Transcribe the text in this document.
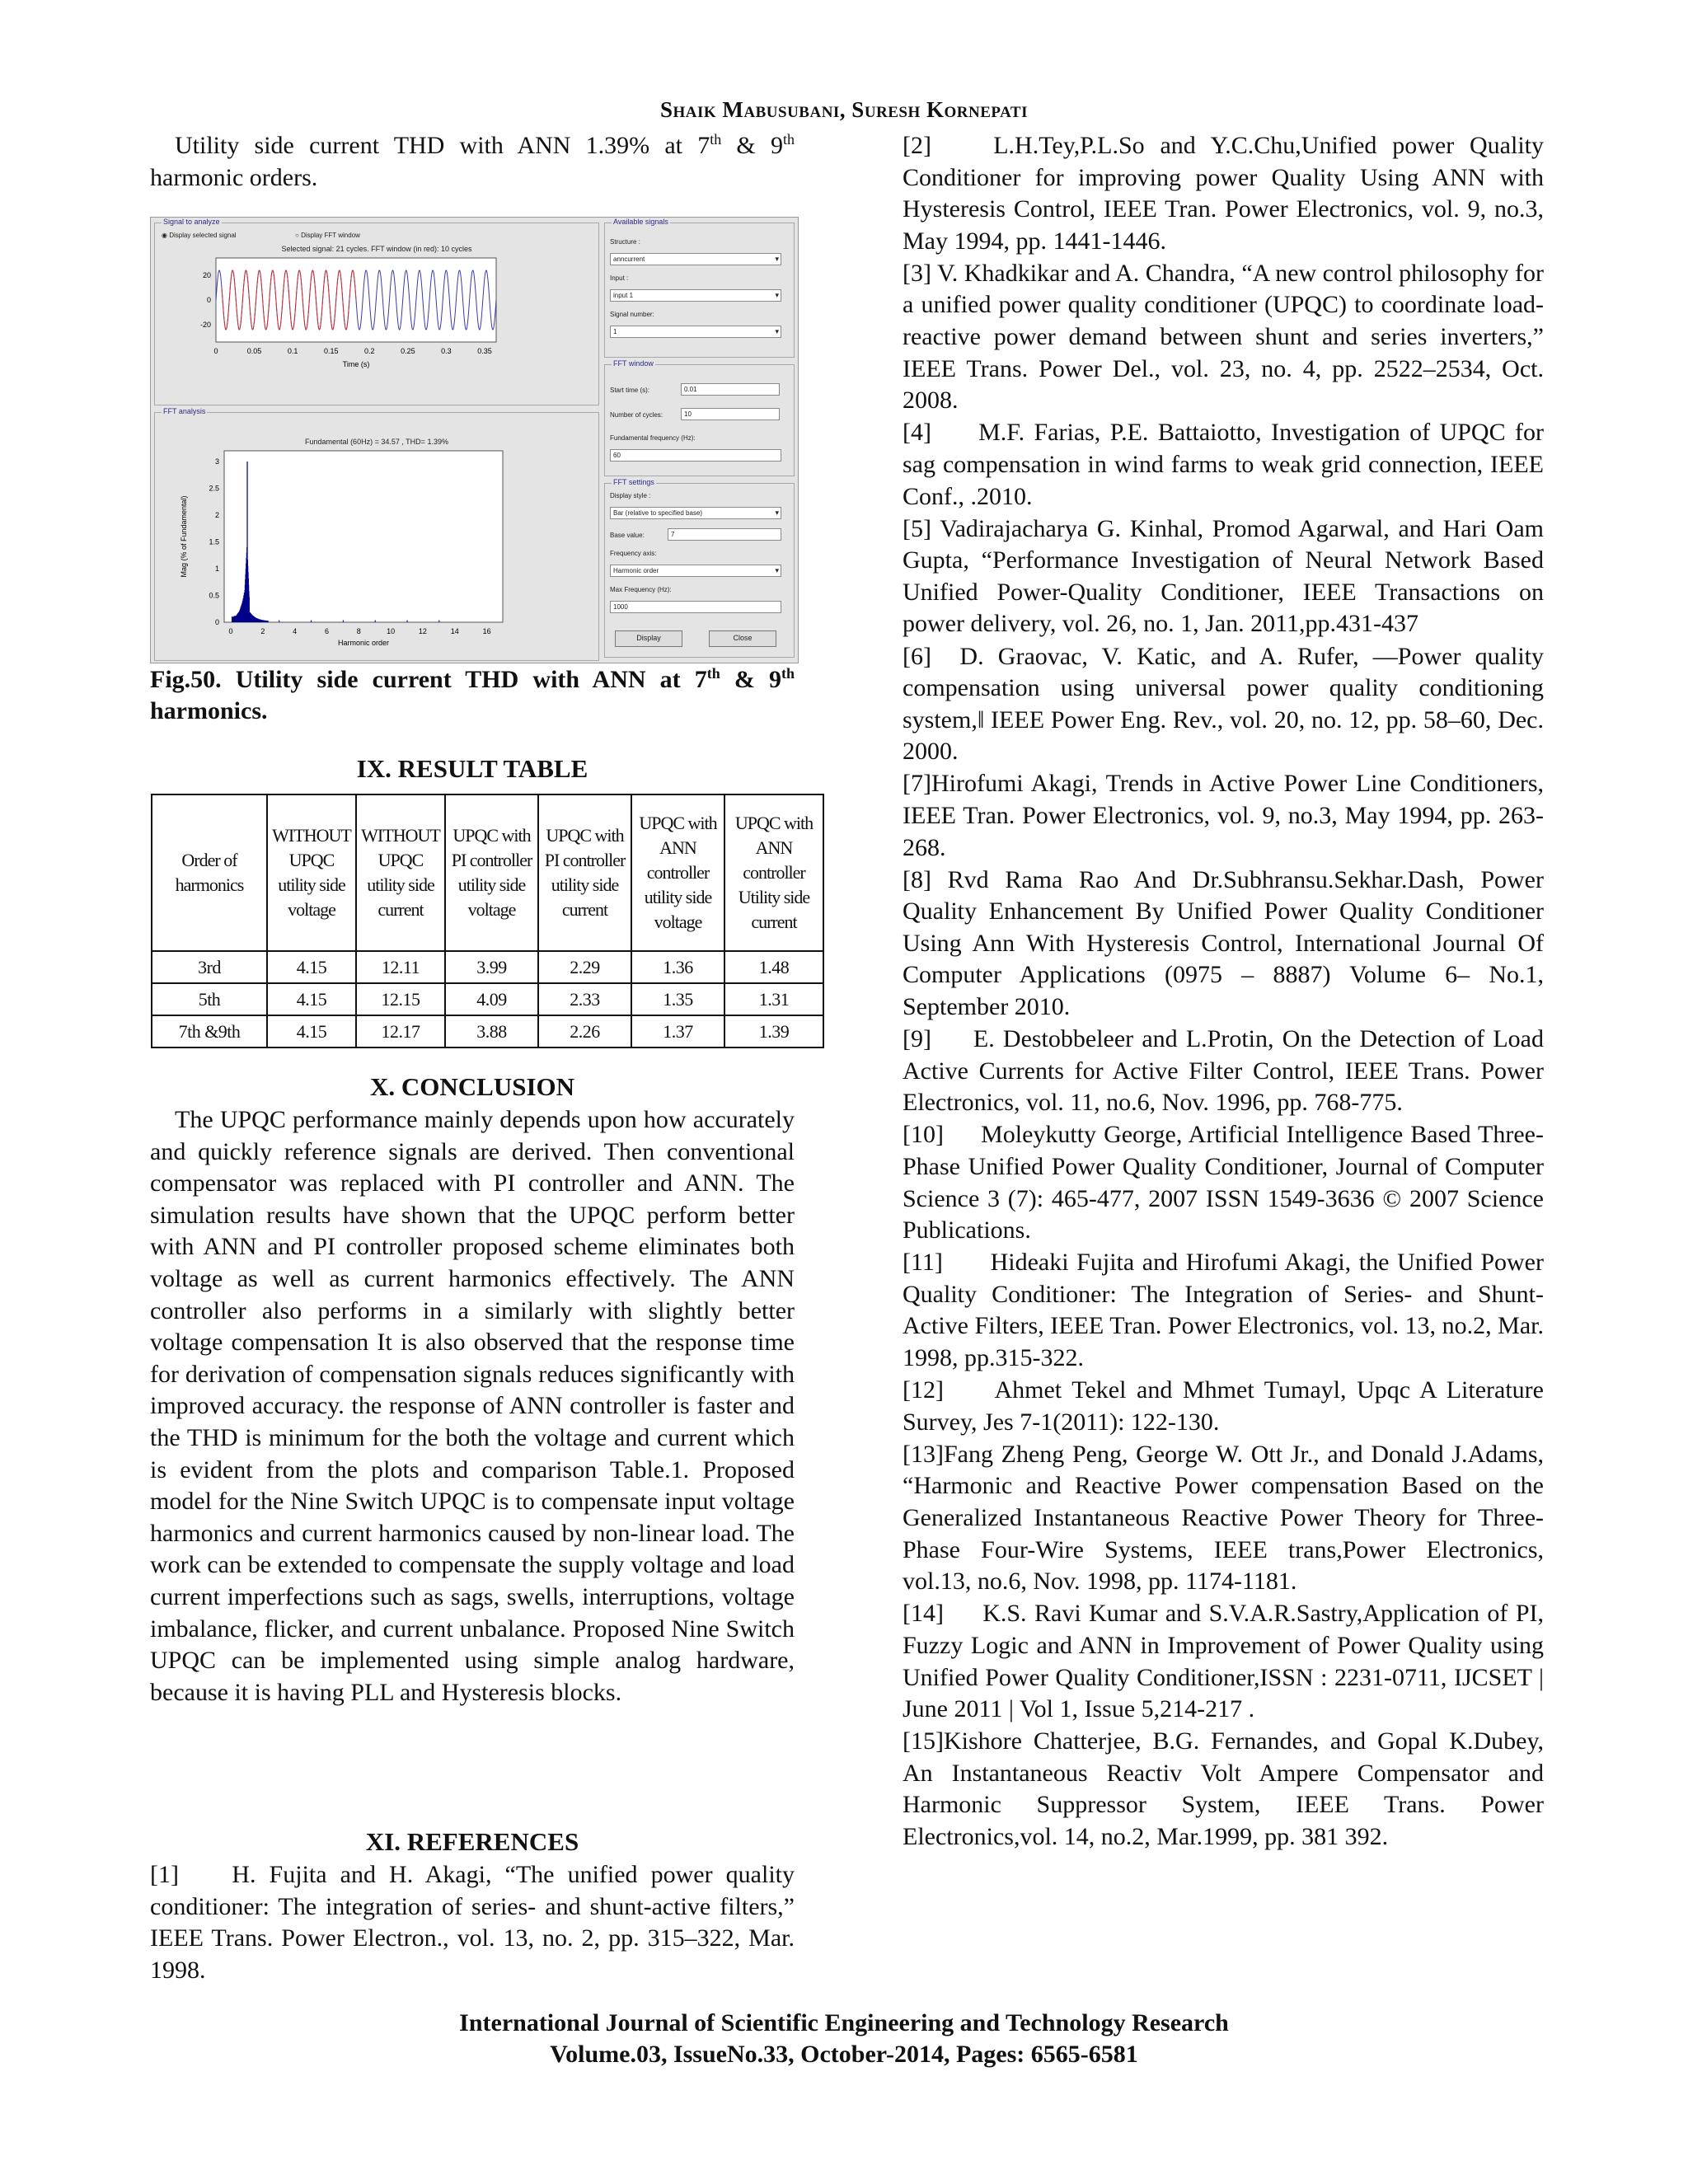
Shaik Mabusubani, Suresh Kornepati

Utility side current THD with ANN 1.39% at 7th & 9th harmonic orders.

Signal to analyze
◉ Display selected signal	○ Display FFT window
Selected signal: 21 cycles. FFT window (in red): 10 cycles
20
0
-20
0	0.05	0.1	0.15	0.2	0.25	0.3	0.35
Time (s)
FFT analysis
Fundamental (60Hz) = 34.57 , THD= 1.39%
3
2.5
2
1.5
1
0.5
0
0	2	4	6	8	10	12	14	16
Harmonic order
Mag (% of Fundamental)
Available signals
Structure :
anncurrent ▾
Input :
input 1 ▾
Signal number:
1 ▾
FFT window
Start time (s):	0.01
Number of cycles:	10
Fundamental frequency (Hz):
60
FFT settings
Display style :
Bar (relative to specified base) ▾
Base value:	7
Frequency axis:
Harmonic order ▾
Max Frequency (Hz):
1000
Display	Close
Fig.50. Utility side current THD with ANN at 7th & 9th harmonics.
IX. RESULT TABLE
Order of harmonics	WITHOUT UPQC utility side voltage	WITHOUT UPQC utility side current	UPQC with PI controller utility side voltage	UPQC with PI controller utility side current	UPQC with ANN controller utility side voltage	UPQC with ANN controller Utility side current
3rd	4.15	12.11	3.99	2.29	1.36	1.48
5th	4.15	12.15	4.09	2.33	1.35	1.31
7th &9th	4.15	12.17	3.88	2.26	1.37	1.39
X. CONCLUSION

The UPQC performance mainly depends upon how accurately and quickly reference signals are derived. Then conventional compensator was replaced with PI controller and ANN. The simulation results have shown that the UPQC perform better with ANN and PI controller proposed scheme eliminates both voltage as well as current harmonics effectively. The ANN controller also performs in a similarly with slightly better voltage compensation It is also observed that the response time for derivation of compensation signals reduces significantly with improved accuracy. the response of ANN controller is faster and the THD is minimum for the both the voltage and current which is evident from the plots and comparison Table.1. Proposed model for the Nine Switch UPQC is to compensate input voltage harmonics and current harmonics caused by non-linear load. The work can be extended to compensate the supply voltage and load current imperfections such as sags, swells, interruptions, voltage imbalance, flicker, and current unbalance. Proposed Nine Switch UPQC can be implemented using simple analog hardware, because it is having PLL and Hysteresis blocks.

XI. REFERENCES

[1]    H. Fujita and H. Akagi, “The unified power quality conditioner: The integration of series- and shunt-active filters,” IEEE Trans. Power Electron., vol. 13, no. 2, pp. 315–322, Mar. 1998.

[2]    L.H.Tey,P.L.So and Y.C.Chu,Unified power Quality Conditioner for improving power Quality Using ANN with Hysteresis Control, IEEE Tran. Power Electronics, vol. 9, no.3, May 1994, pp. 1441-1446.

[3] V. Khadkikar and A. Chandra, “A new control philosophy for a unified power quality conditioner (UPQC) to coordinate load-reactive power demand between shunt and series inverters,” IEEE Trans. Power Del., vol. 23, no. 4, pp. 2522–2534, Oct. 2008.

[4]     M.F. Farias, P.E. Battaiotto, Investigation of UPQC for sag compensation in wind farms to weak grid connection, IEEE Conf., .2010.

[5] Vadirajacharya G. Kinhal, Promod Agarwal, and Hari Oam Gupta, “Performance Investigation of Neural Network Based Unified Power-Quality Conditioner, IEEE Transactions on power delivery, vol. 26, no. 1, Jan. 2011,pp.431-437

[6]  D. Graovac, V. Katic, and A. Rufer, ―Power quality compensation using universal power quality conditioning system,‖ IEEE Power Eng. Rev., vol. 20, no. 12, pp. 58–60, Dec. 2000.

[7]Hirofumi Akagi, Trends in Active Power Line Conditioners, IEEE Tran. Power Electronics, vol. 9, no.3, May 1994, pp. 263-268.

[8] Rvd Rama Rao And Dr.Subhransu.Sekhar.Dash, Power Quality Enhancement By Unified Power Quality Conditioner Using Ann With Hysteresis Control, International Journal Of Computer Applications (0975 – 8887) Volume 6– No.1, September 2010.

[9]     E. Destobbeleer and L.Protin, On the Detection of Load Active Currents for Active Filter Control, IEEE Trans. Power Electronics, vol. 11, no.6, Nov. 1996, pp. 768-775.

[10]     Moleykutty George, Artificial Intelligence Based Three-Phase Unified Power Quality Conditioner, Journal of Computer Science 3 (7): 465-477, 2007 ISSN 1549-3636 © 2007 Science Publications.

[11]      Hideaki Fujita and Hirofumi Akagi, the Unified Power Quality Conditioner: The Integration of Series- and Shunt- Active Filters, IEEE Tran. Power Electronics, vol. 13, no.2, Mar. 1998, pp.315-322.

[12]     Ahmet Tekel and Mhmet Tumayl, Upqc A Literature Survey, Jes 7-1(2011): 122-130.

[13]Fang Zheng Peng, George W. Ott Jr., and Donald J.Adams, “Harmonic and Reactive Power compensation Based on the Generalized Instantaneous Reactive Power Theory for Three-Phase Four-Wire Systems, IEEE trans,Power Electronics, vol.13, no.6, Nov. 1998, pp. 1174-1181.

[14]     K.S. Ravi Kumar and S.V.A.R.Sastry,Application of PI, Fuzzy Logic and ANN in Improvement of Power Quality using Unified Power Quality Conditioner,ISSN : 2231-0711, IJCSET | June 2011 | Vol 1, Issue 5,214-217 .

[15]Kishore Chatterjee, B.G. Fernandes, and Gopal K.Dubey, An Instantaneous Reactiv Volt Ampere Compensator and Harmonic Suppressor System, IEEE Trans. Power Electronics,vol. 14, no.2, Mar.1999, pp. 381 392.

International Journal of Scientific Engineering and Technology Research
Volume.03, IssueNo.33, October-2014, Pages: 6565-6581
